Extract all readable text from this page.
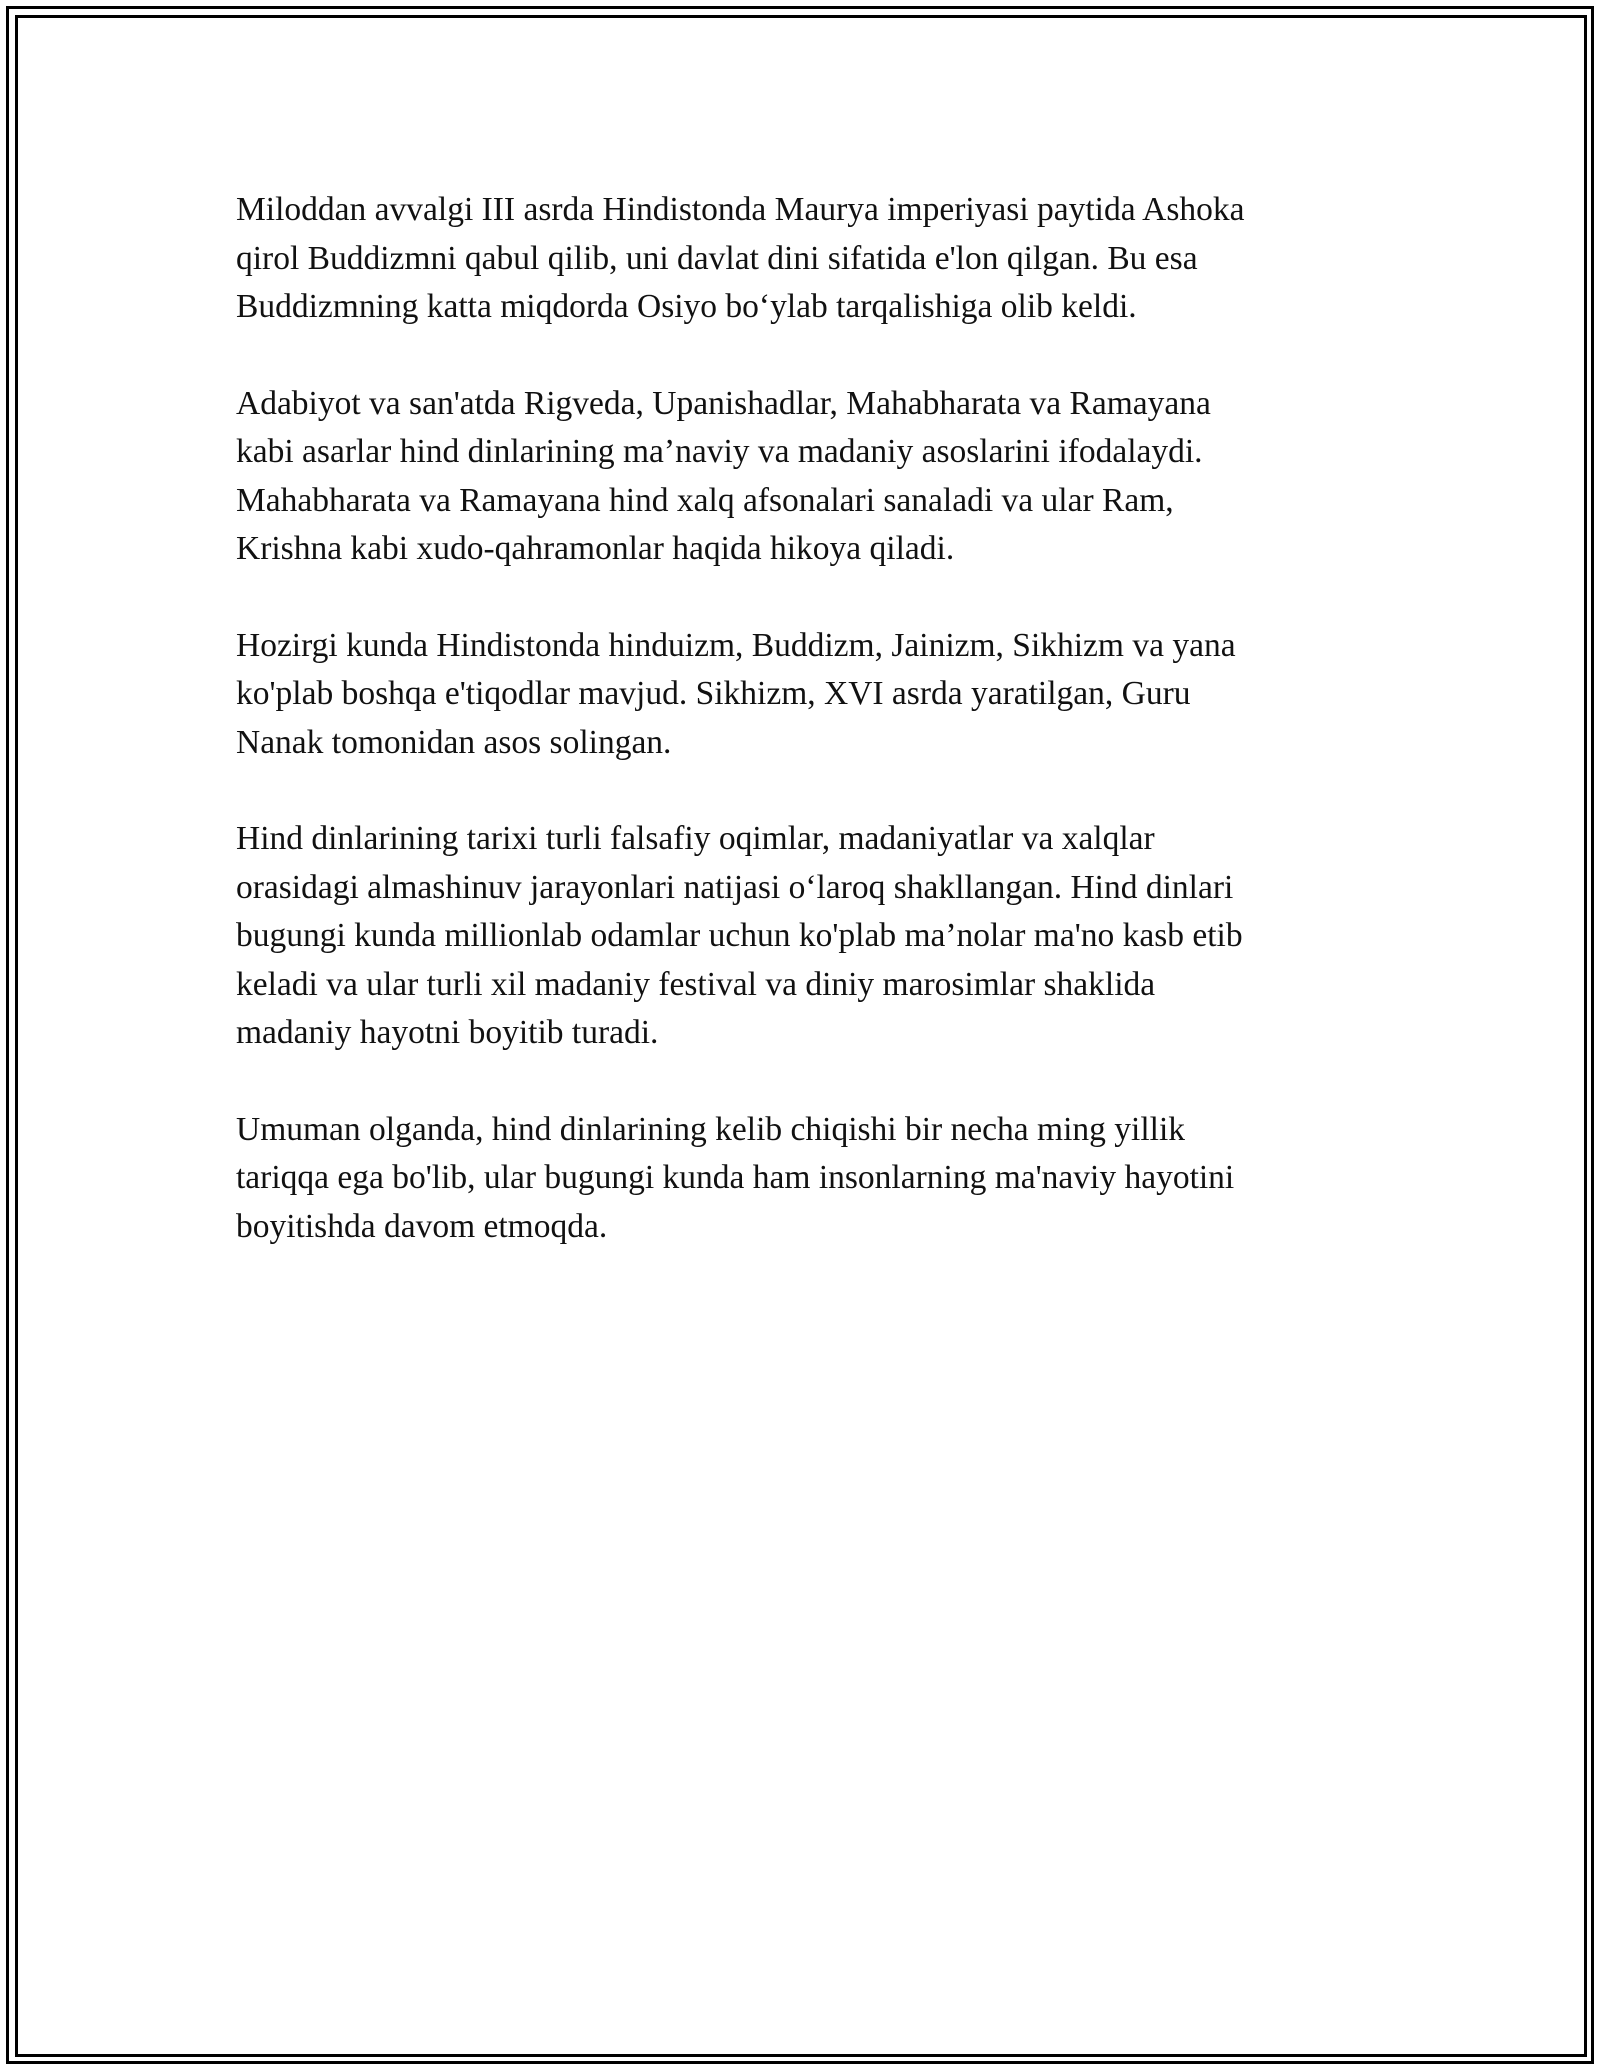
Miloddan avvalgi III asrda Hindistonda Maurya imperiyasi paytida Ashoka
qirol Buddizmni qabul qilib, uni davlat dini sifatida e'lon qilgan. Bu esa
Buddizmning katta miqdorda Osiyo bo‘ylab tarqalishiga olib keldi.

Adabiyot va san'atda Rigveda, Upanishadlar, Mahabharata va Ramayana
kabi asarlar hind dinlarining ma’naviy va madaniy asoslarini ifodalaydi.
Mahabharata va Ramayana hind xalq afsonalari sanaladi va ular Ram,
Krishna kabi xudo-qahramonlar haqida hikoya qiladi.

Hozirgi kunda Hindistonda hinduizm, Buddizm, Jainizm, Sikhizm va yana
ko'plab boshqa e'tiqodlar mavjud. Sikhizm, XVI asrda yaratilgan, Guru
Nanak tomonidan asos solingan.

Hind dinlarining tarixi turli falsafiy oqimlar, madaniyatlar va xalqlar
orasidagi almashinuv jarayonlari natijasi o‘laroq shakllangan. Hind dinlari
bugungi kunda millionlab odamlar uchun ko'plab ma’nolar ma'no kasb etib
keladi va ular turli xil madaniy festival va diniy marosimlar shaklida
madaniy hayotni boyitib turadi.

Umuman olganda, hind dinlarining kelib chiqishi bir necha ming yillik
tariqqa ega bo'lib, ular bugungi kunda ham insonlarning ma'naviy hayotini
boyitishda davom etmoqda.
